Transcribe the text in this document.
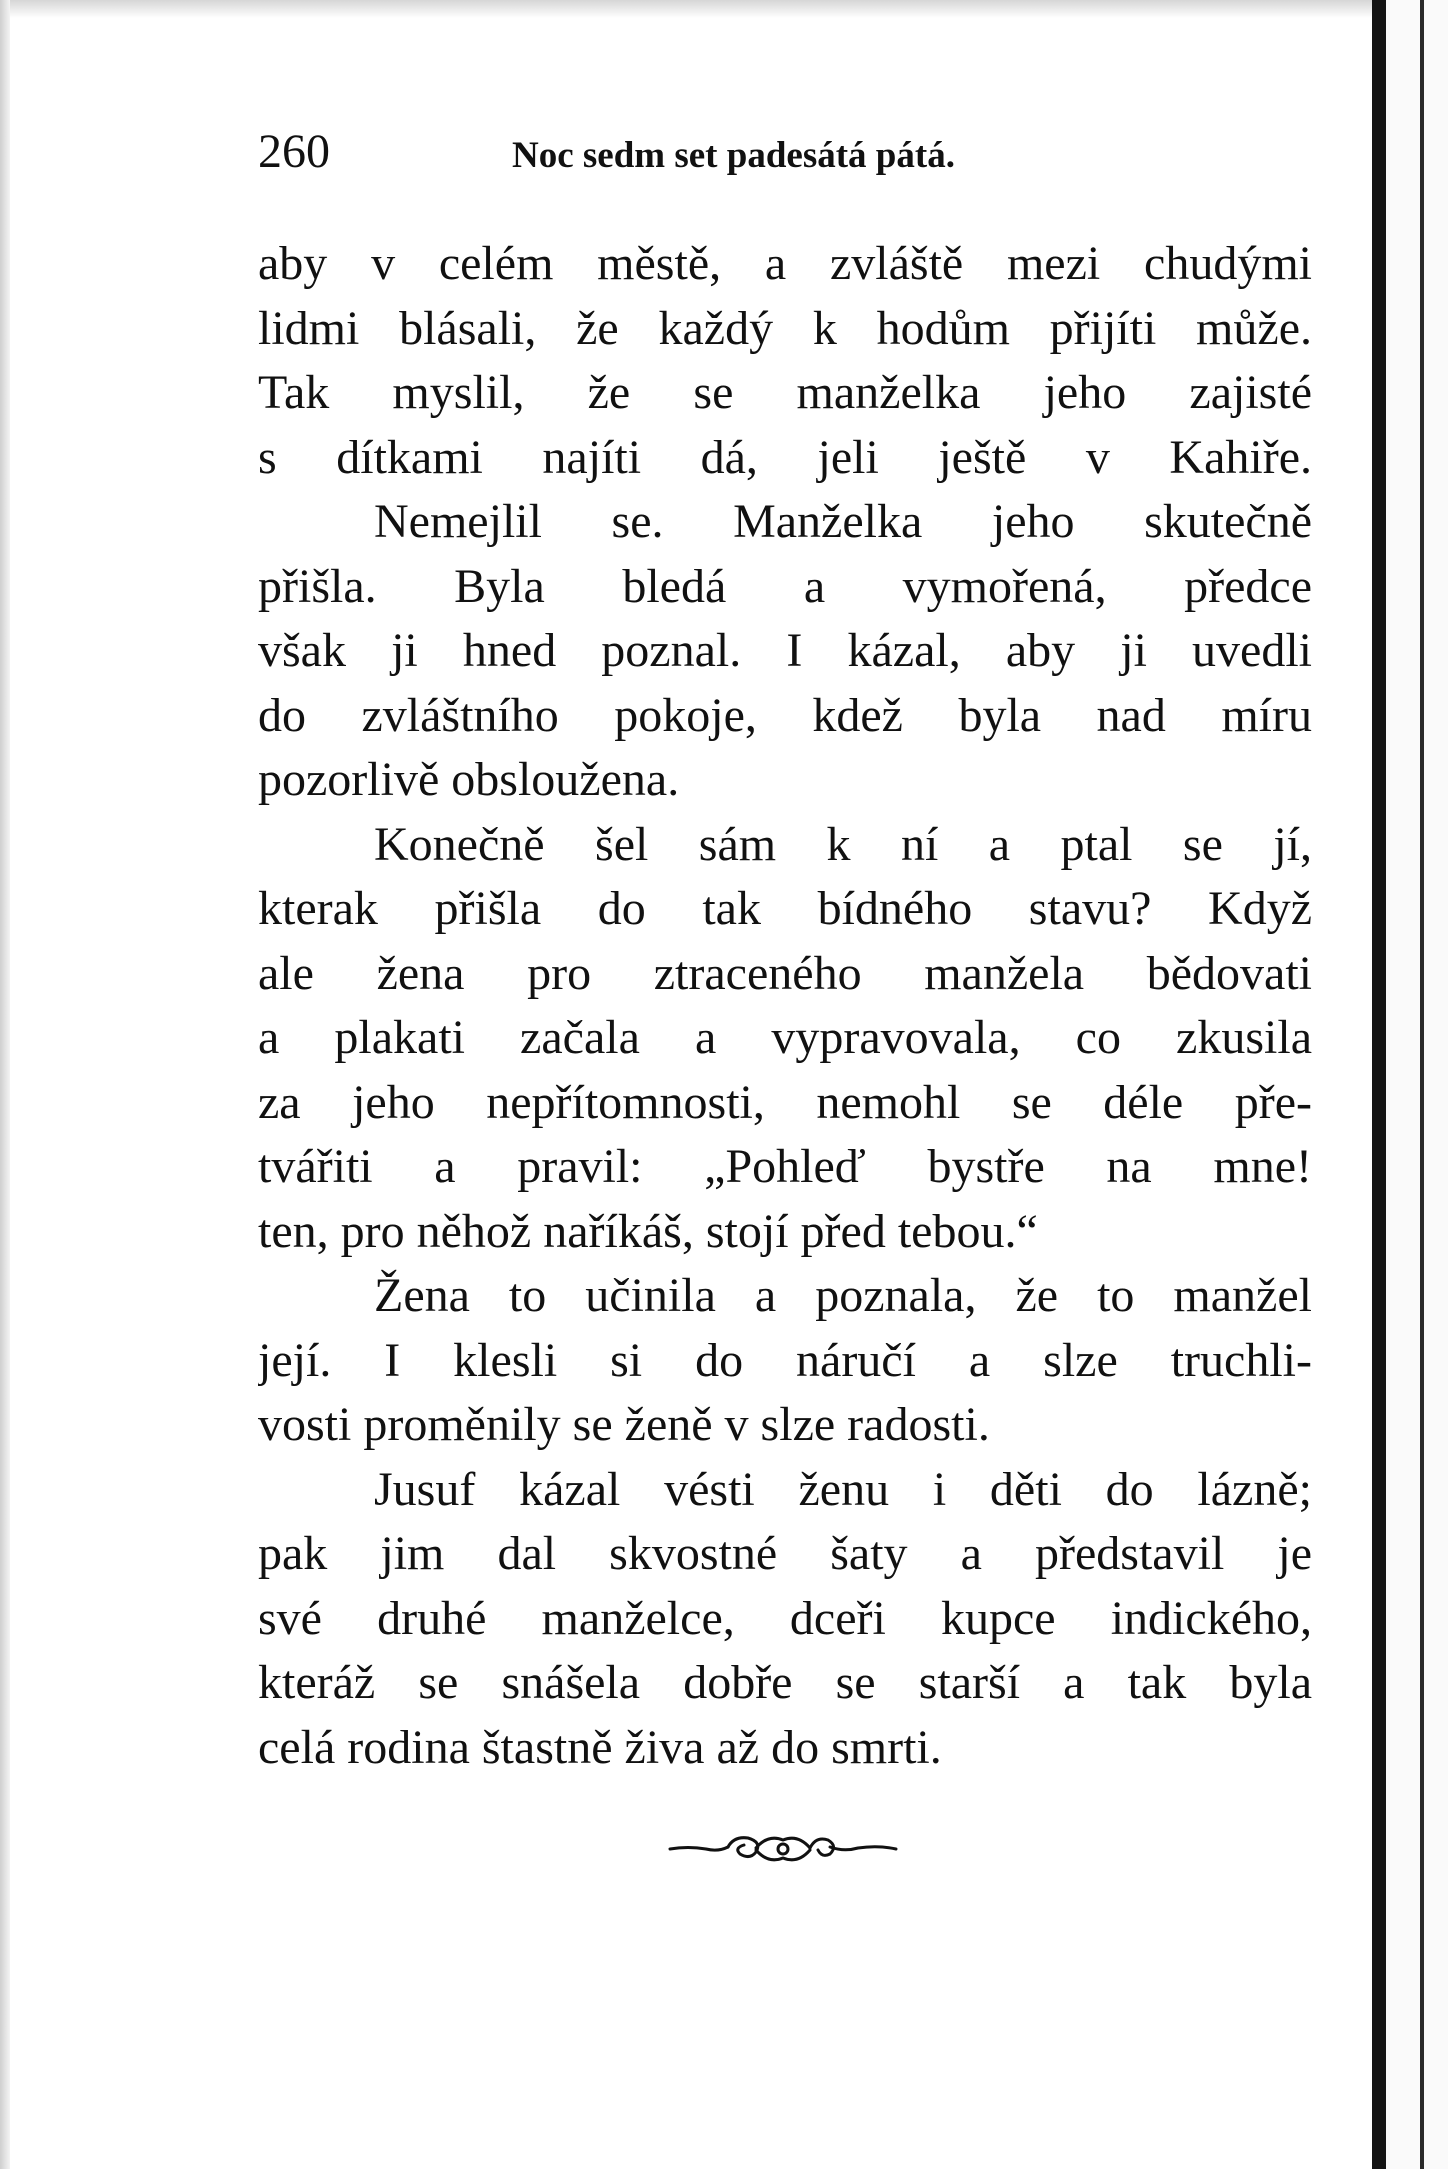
260	Noc sedm set padesátá pátá.
aby v celém městě, a zvláště mezi chudými
lidmi blásali, že každý k hodům přijíti může.
Tak myslil, že se manželka jeho zajisté
s dítkami najíti dá, jeli ještě v Kahiře.
Nemejlil se. Manželka jeho skutečně
přišla. Byla bledá a vymořená, předce
však ji hned poznal. I kázal, aby ji uvedli
do zvláštního pokoje, kdež byla nad míru
pozorlivě obsloužena.
Konečně šel sám k ní a ptal se jí,
kterak přišla do tak bídného stavu? Když
ale žena pro ztraceného manžela bědovati
a plakati začala a vypravovala, co zkusila
za jeho nepřítomnosti, nemohl se déle pře-
tvářiti a pravil: „Pohleď bystře na mne!
ten, pro něhož naříkáš, stojí před tebou.“
Žena to učinila a poznala, že to manžel
její. I klesli si do náručí a slze truchli-
vosti proměnily se ženě v slze radosti.
Jusuf kázal vésti ženu i děti do lázně;
pak jim dal skvostné šaty a představil je
své druhé manželce, dceři kupce indického,
kteráž se snášela dobře se starší a tak byla
celá rodina štastně živa až do smrti.
